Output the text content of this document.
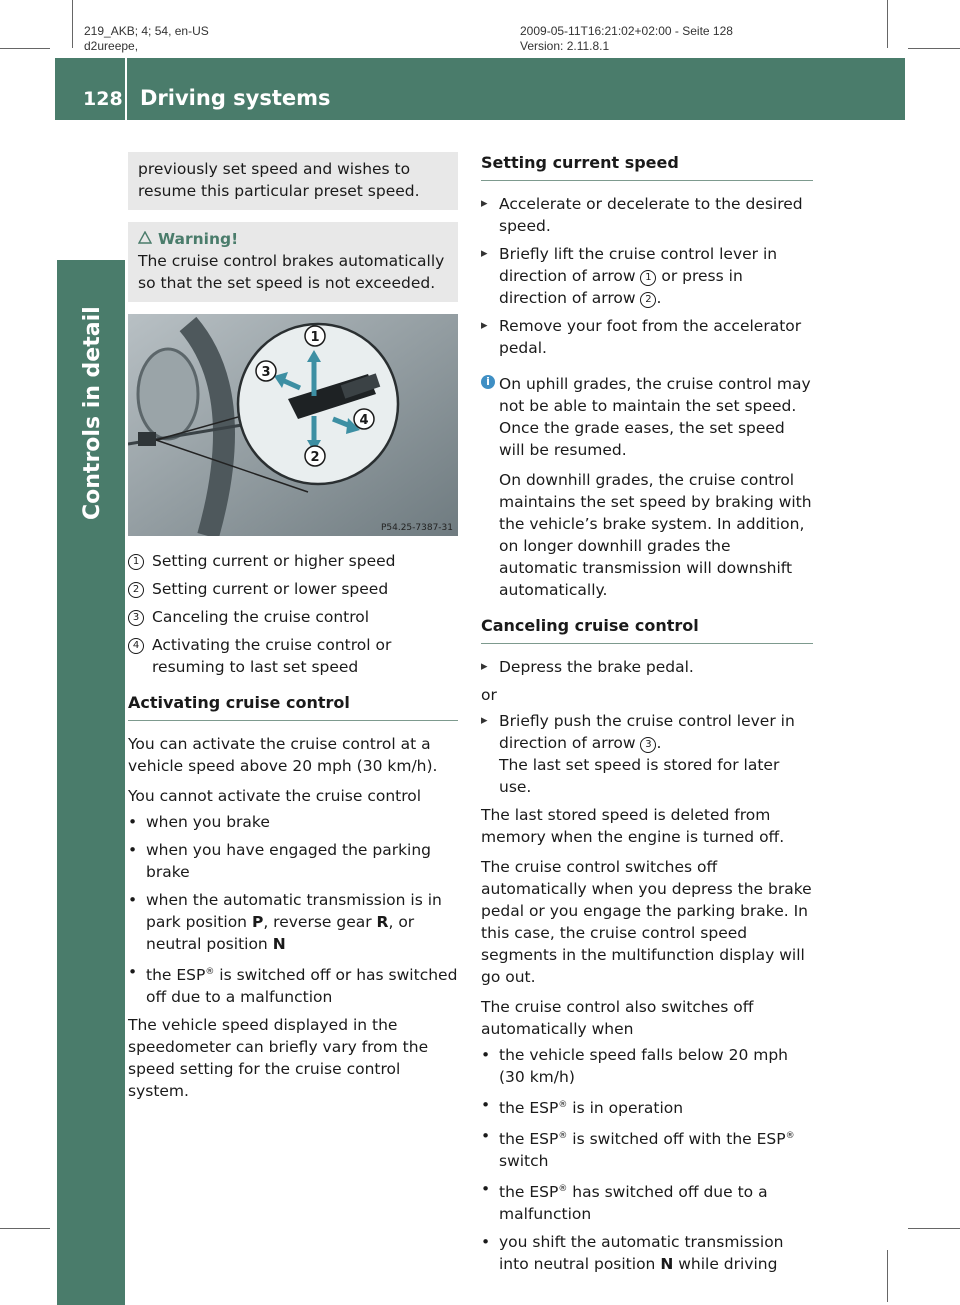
219_AKB; 4; 54, en-US
d2ureepe,
2009-05-11T16:21:02+02:00 - Seite 128
Version: 2.11.8.1
128 Driving systems
Controls in detail
previously set speed and wishes to resume this particular preset speed.
Warning!
The cruise control brakes automatically so that the set speed is not exceeded.
1
2
3
4
P54.25-7387-31
1 Setting current or higher speed
2 Setting current or lower speed
3 Canceling the cruise control
4 Activating the cruise control or resuming to last set speed
Activating cruise control

You can activate the cruise control at a vehicle speed above 20 mph (30 km/h).

You cannot activate the cruise control

• when you brake
• when you have engaged the parking brake
• when the automatic transmission is in park position P, reverse gear R, or neutral position N
• the ESP® is switched off or has switched off due to a malfunction

The vehicle speed displayed in the speedometer can briefly vary from the speed setting for the cruise control system.

Setting current speed
▸ Accelerate or decelerate to the desired speed.
▸ Briefly lift the cruise control lever in direction of arrow 1 or press in direction of arrow 2 .
▸ Remove your foot from the accelerator pedal.
i On uphill grades, the cruise control may not be able to maintain the set speed. Once the grade eases, the set speed will be resumed.

On downhill grades, the cruise control maintains the set speed by braking with the vehicle’s brake system. In addition, on longer downhill grades the automatic transmission will downshift automatically.

Canceling cruise control
▸ Depress the brake pedal.

or

▸ Briefly push the cruise control lever in direction of arrow 3 .
The last set speed is stored for later use.

The last stored speed is deleted from memory when the engine is turned off.

The cruise control switches off automatically when you depress the brake pedal or you engage the parking brake. In this case, the cruise control speed segments in the multifunction display will go out.

The cruise control also switches off automatically when

• the vehicle speed falls below 20 mph (30 km/h)
• the ESP® is in operation
• the ESP® is switched off with the ESP® switch
• the ESP® has switched off due to a malfunction
• you shift the automatic transmission into neutral position N while driving
